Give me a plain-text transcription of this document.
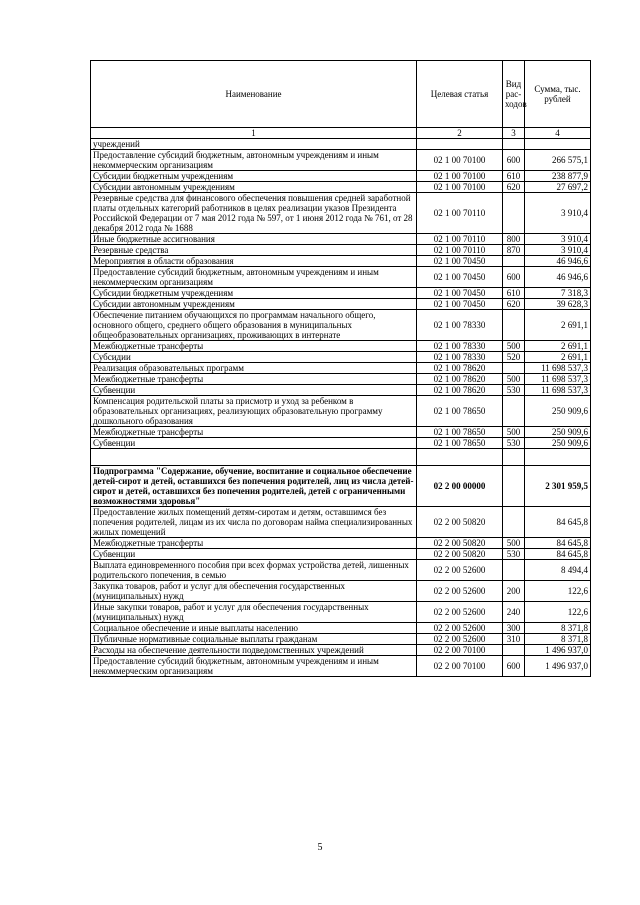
Наименование	Целевая статья	Вид рас-ходов	Сумма, тыс. рублей
1	2	3	4
учреждений			
Предоставление субсидий бюджетным, автономным учреждениям и иным некоммерческим организациям	02 1 00 70100	600	266 575,1
Субсидии бюджетным учреждениям	02 1 00 70100	610	238 877,9
Субсидии автономным учреждениям	02 1 00 70100	620	27 697,2
Резервные средства для финансового обеспечения повышения средней заработной платы отдельных категорий работников в целях реализации указов Президента Российской Федерации от 7 мая 2012 года № 597, от 1 июня 2012 года № 761, от 28 декабря 2012 года № 1688	02 1 00 70110		3 910,4
Иные бюджетные ассигнования	02 1 00 70110	800	3 910,4
Резервные средства	02 1 00 70110	870	3 910,4
Мероприятия в области образования	02 1 00 70450		46 946,6
Предоставление субсидий бюджетным, автономным учреждениям и иным некоммерческим организациям	02 1 00 70450	600	46 946,6
Субсидии бюджетным учреждениям	02 1 00 70450	610	7 318,3
Субсидии автономным учреждениям	02 1 00 70450	620	39 628,3
Обеспечение питанием обучающихся по программам начального общего, основного общего, среднего общего образования в муниципальных общеобразовательных организациях, проживающих в интернате	02 1 00 78330		2 691,1
Межбюджетные трансферты	02 1 00 78330	500	2 691,1
Субсидии	02 1 00 78330	520	2 691,1
Реализация образовательных программ	02 1 00 78620		11 698 537,3
Межбюджетные трансферты	02 1 00 78620	500	11 698 537,3
Субвенции	02 1 00 78620	530	11 698 537,3
Компенсация родительской платы за присмотр и уход за ребенком в образовательных организациях, реализующих образовательную программу дошкольного образования	02 1 00 78650		250 909,6
Межбюджетные трансферты	02 1 00 78650	500	250 909,6
Субвенции	02 1 00 78650	530	250 909,6

Подпрограмма "Содержание, обучение, воспитание и социальное обеспечение детей-сирот и детей, оставшихся без попечения родителей, лиц из числа детей-сирот и детей, оставшихся без попечения родителей, детей с ограниченными возможностями здоровья"	02 2 00 00000		2 301 959,5
Предоставление жилых помещений детям-сиротам и детям, оставшимся без попечения родителей, лицам из их числа по договорам найма специализированных жилых помещений	02 2 00 50820		84 645,8
Межбюджетные трансферты	02 2 00 50820	500	84 645,8
Субвенции	02 2 00 50820	530	84 645,8
Выплата единовременного пособия при всех формах устройства детей, лишенных родительского попечения, в семью	02 2 00 52600		8 494,4
Закупка товаров, работ и услуг для обеспечения государственных (муниципальных) нужд	02 2 00 52600	200	122,6
Иные закупки товаров, работ и услуг для обеспечения государственных (муниципальных) нужд	02 2 00 52600	240	122,6
Социальное обеспечение и иные выплаты населению	02 2 00 52600	300	8 371,8
Публичные нормативные социальные выплаты гражданам	02 2 00 52600	310	8 371,8
Расходы на обеспечение деятельности подведомственных учреждений	02 2 00 70100		1 496 937,0
Предоставление субсидий бюджетным, автономным учреждениям и иным некоммерческим организациям	02 2 00 70100	600	1 496 937,0
5
